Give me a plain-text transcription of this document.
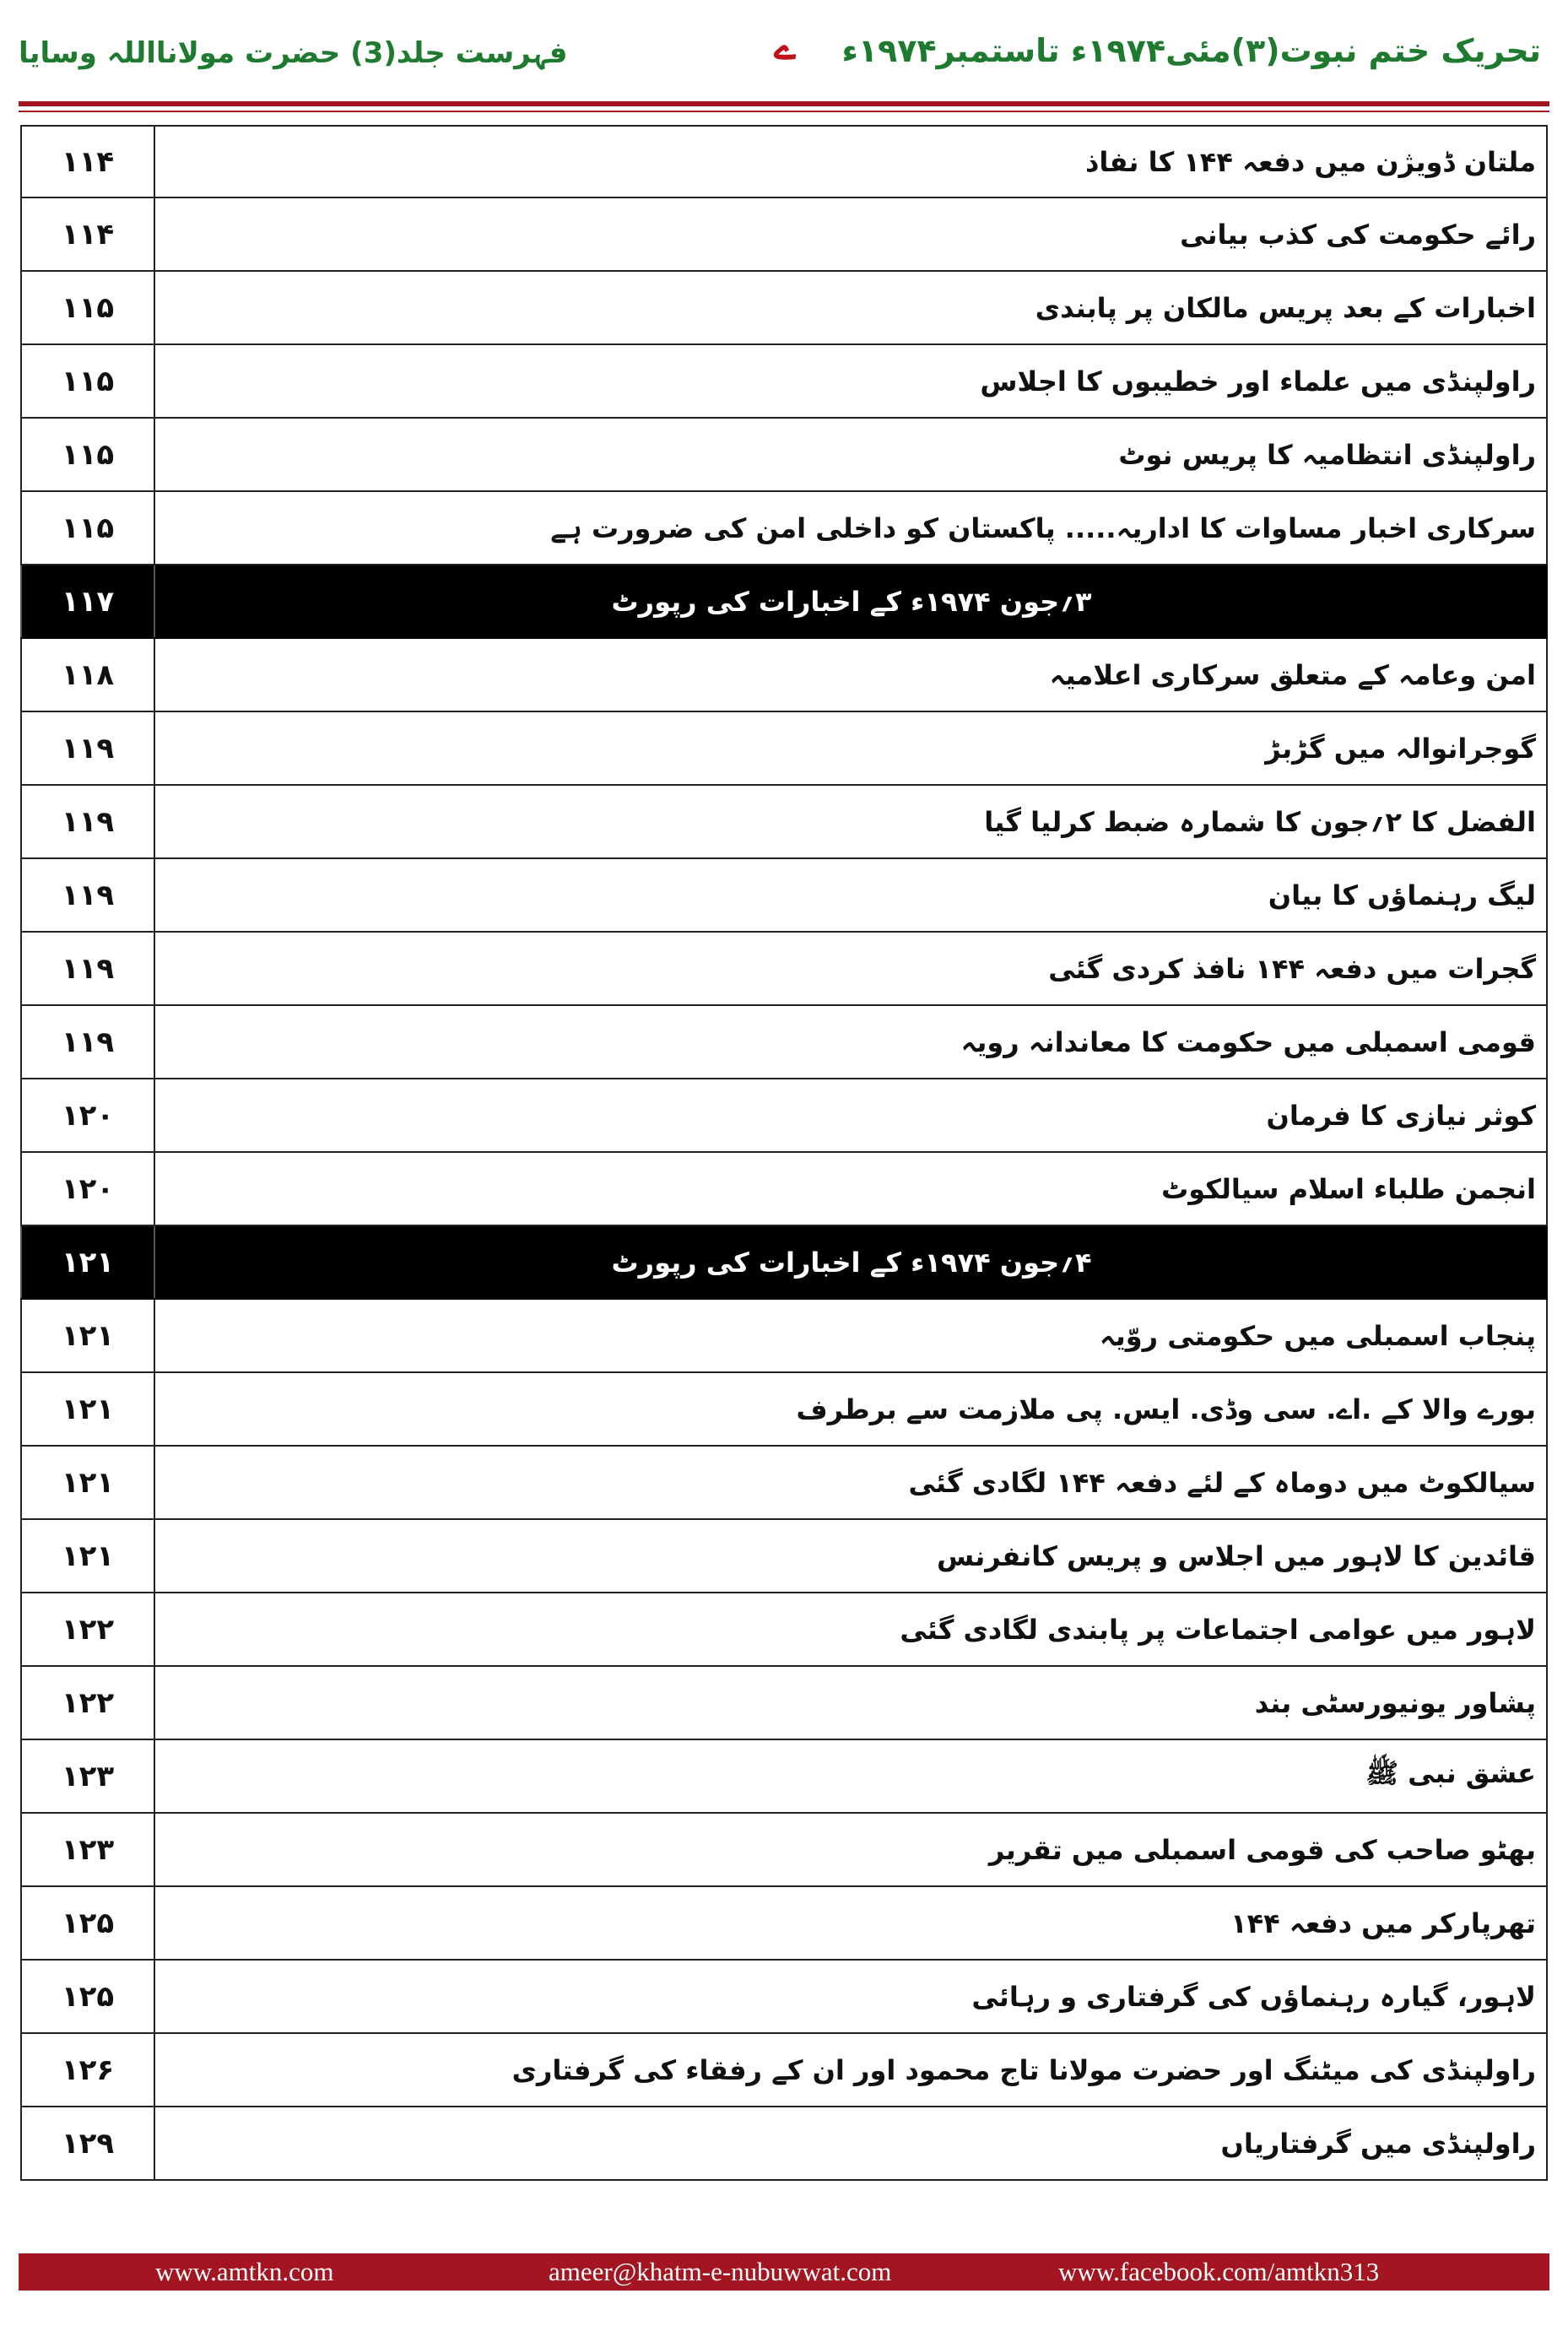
تحریک ختم نبوت(۳)مئی۱۹۷۴ء تاستمبر۱۹۷۴ء
ے
فہرست جلد(3) حضرت مولانااللہ وسایا
۱۱۴	ملتان ڈویژن میں دفعہ ۱۴۴ کا نفاذ
۱۱۴	رائے حکومت کی کذب بیانی
۱۱۵	اخبارات کے بعد پریس مالکان پر پابندی
۱۱۵	راولپنڈی میں علماء اور خطیبوں کا اجلاس
۱۱۵	راولپنڈی انتظامیہ کا پریس نوٹ
۱۱۵	سرکاری اخبار مساوات کا اداریہ..... پاکستان کو داخلی امن کی ضرورت ہے
۱۱۷	۳؍جون ۱۹۷۴ء کے اخبارات کی رپورٹ
۱۱۸	امن وعامہ کے متعلق سرکاری اعلامیہ
۱۱۹	گوجرانوالہ میں گڑبڑ
۱۱۹	الفضل کا ۲؍جون کا شمارہ ضبط کرلیا گیا
۱۱۹	لیگ رہنماؤں کا بیان
۱۱۹	گجرات میں دفعہ ۱۴۴ نافذ کردی گئی
۱۱۹	قومی اسمبلی میں حکومت کا معاندانہ رویہ
۱۲۰	کوثر نیازی کا فرمان
۱۲۰	انجمن طلباء اسلام سیالکوٹ
۱۲۱	۴؍جون ۱۹۷۴ء کے اخبارات کی رپورٹ
۱۲۱	پنجاب اسمبلی میں حکومتی روّیہ
۱۲۱	بورے والا کے .اے. سی وڈی. ایس. پی ملازمت سے برطرف
۱۲۱	سیالکوٹ میں دوماہ کے لئے دفعہ ۱۴۴ لگادی گئی
۱۲۱	قائدین کا لاہور میں اجلاس و پریس کانفرنس
۱۲۲	لاہور میں عوامی اجتماعات پر پابندی لگادی گئی
۱۲۲	پشاور یونیورسٹی بند
۱۲۳	عشق نبی ﷺ
۱۲۳	بھٹو صاحب کی قومی اسمبلی میں تقریر
۱۲۵	تھرپارکر میں دفعہ ۱۴۴
۱۲۵	لاہور، گیارہ رہنماؤں کی گرفتاری و رہائی
۱۲۶	راولپنڈی کی میٹنگ اور حضرت مولانا تاج محمود اور ان کے رفقاء کی گرفتاری
۱۲۹	راولپنڈی میں گرفتاریاں
www.amtkn.com	ameer@khatm-e-nubuwwat.com	www.facebook.com/amtkn313
